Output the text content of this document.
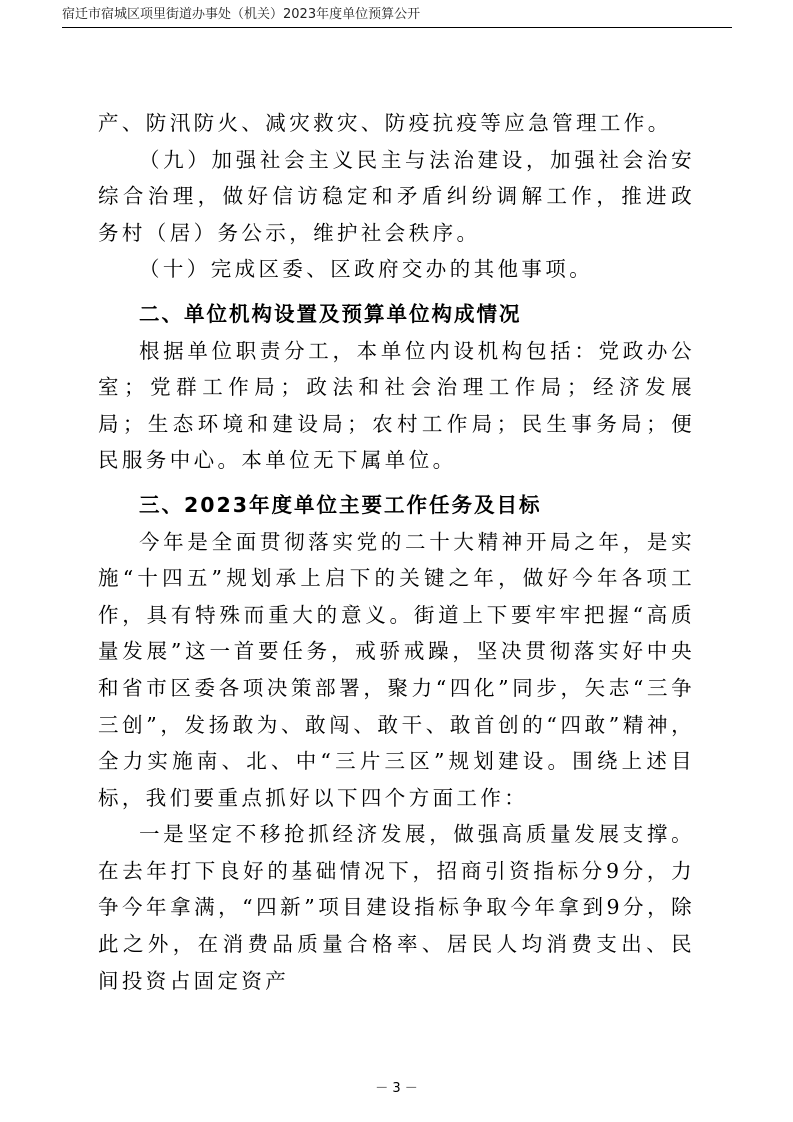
宿迁市宿城区项里街道办事处（机关）2023年度单位预算公开

产、防汛防火、减灾救灾、防疫抗疫等应急管理工作。

（九）加强社会主义民主与法治建设，加强社会治安综合治理，做好信访稳定和矛盾纠纷调解工作，推进政务村（居）务公示，维护社会秩序。

（十）完成区委、区政府交办的其他事项。

二、单位机构设置及预算单位构成情况

根据单位职责分工，本单位内设机构包括：党政办公室；党群工作局；政法和社会治理工作局；经济发展局；生态环境和建设局；农村工作局；民生事务局；便民服务中心。本单位无下属单位。

三、2023年度单位主要工作任务及目标

今年是全面贯彻落实党的二十大精神开局之年，是实施“十四五”规划承上启下的关键之年，做好今年各项工作，具有特殊而重大的意义。街道上下要牢牢把握“高质量发展”这一首要任务，戒骄戒躁，坚决贯彻落实好中央和省市区委各项决策部署，聚力“四化”同步，矢志“三争三创”，发扬敢为、敢闯、敢干、敢首创的“四敢”精神，全力实施南、北、中“三片三区”规划建设。围绕上述目标，我们要重点抓好以下四个方面工作：

一是坚定不移抢抓经济发展，做强高质量发展支撑。在去年打下良好的基础情况下，招商引资指标分9分，力争今年拿满，“四新”项目建设指标争取今年拿到9分，除此之外，在消费品质量合格率、居民人均消费支出、民间投资占固定资产

－ 3 －
